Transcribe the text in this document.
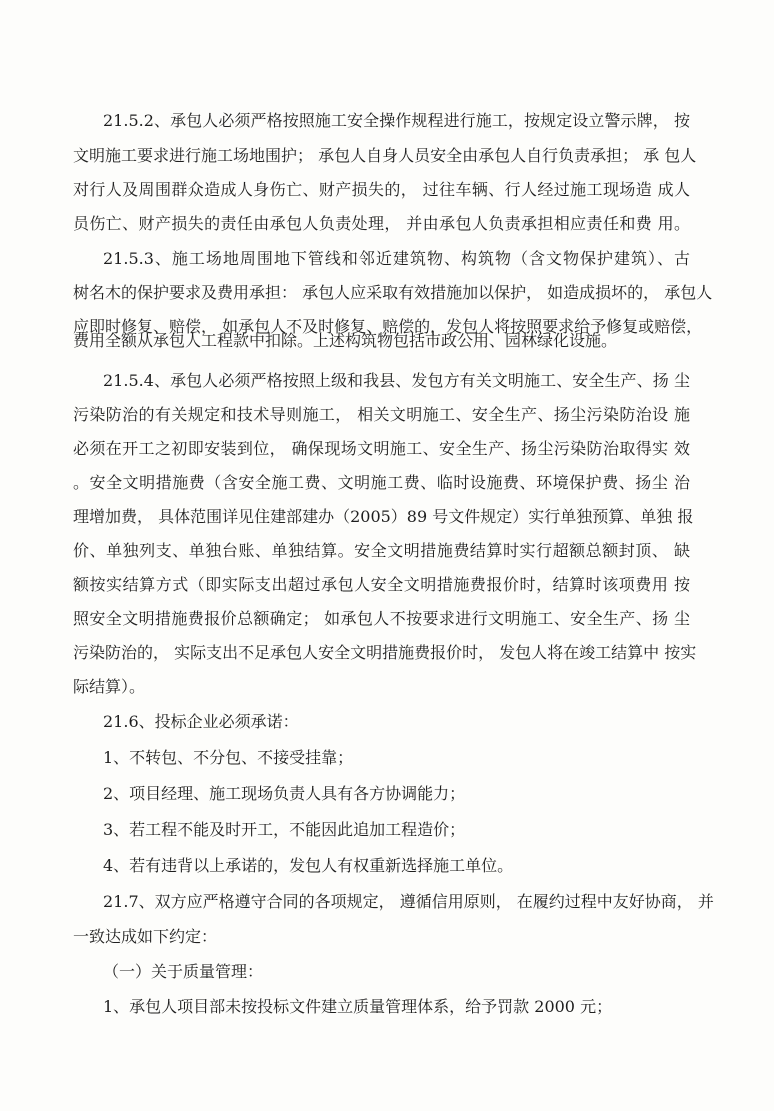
21.5.2、承包人必须严格按照施工安全操作规程进行施工，按规定设立警示牌， 按
文明施工要求进行施工场地围护； 承包人自身人员安全由承包人自行负责承担； 承 包人
对行人及周围群众造成人身伤亡、财产损失的， 过往车辆、行人经过施工现场造 成人
员伤亡、财产损失的责任由承包人负责处理， 并由承包人负责承担相应责任和费 用。
21.5.3、施工场地周围地下管线和邻近建筑物、构筑物（含文物保护建筑）、古
树名木的保护要求及费用承担： 承包人应采取有效措施加以保护， 如造成损坏的， 承包人
应即时修复、赔偿， 如承包人不及时修复、赔偿的，发包人将按照要求给予修复或赔偿，
费用全额从承包人工程款中扣除。上述构筑物包括市政公用、园林绿化设施。
21.5.4、承包人必须严格按照上级和我县、发包方有关文明施工、安全生产、扬 尘
污染防治的有关规定和技术导则施工， 相关文明施工、安全生产、扬尘污染防治设 施
必须在开工之初即安装到位， 确保现场文明施工、安全生产、扬尘污染防治取得实 效
。安全文明措施费（含安全施工费、文明施工费、临时设施费、环境保护费、扬尘 治
理增加费， 具体范围详见住建部建办（2005）89 号文件规定）实行单独预算、单独 报
价、单独列支、单独台账、单独结算。安全文明措施费结算时实行超额总额封顶、 缺
额按实结算方式（即实际支出超过承包人安全文明措施费报价时，结算时该项费用 按
照安全文明措施费报价总额确定； 如承包人不按要求进行文明施工、安全生产、扬 尘
污染防治的， 实际支出不足承包人安全文明措施费报价时， 发包人将在竣工结算中 按实
际结算）。
21.6、投标企业必须承诺：
1、不转包、不分包、不接受挂靠；
2、项目经理、施工现场负责人具有各方协调能力；
3、若工程不能及时开工，不能因此追加工程造价；
4、若有违背以上承诺的，发包人有权重新选择施工单位。
21.7、双方应严格遵守合同的各项规定， 遵循信用原则， 在履约过程中友好协商， 并
一致达成如下约定：
（一）关于质量管理：
1、承包人项目部未按投标文件建立质量管理体系，给予罚款 2000 元；
